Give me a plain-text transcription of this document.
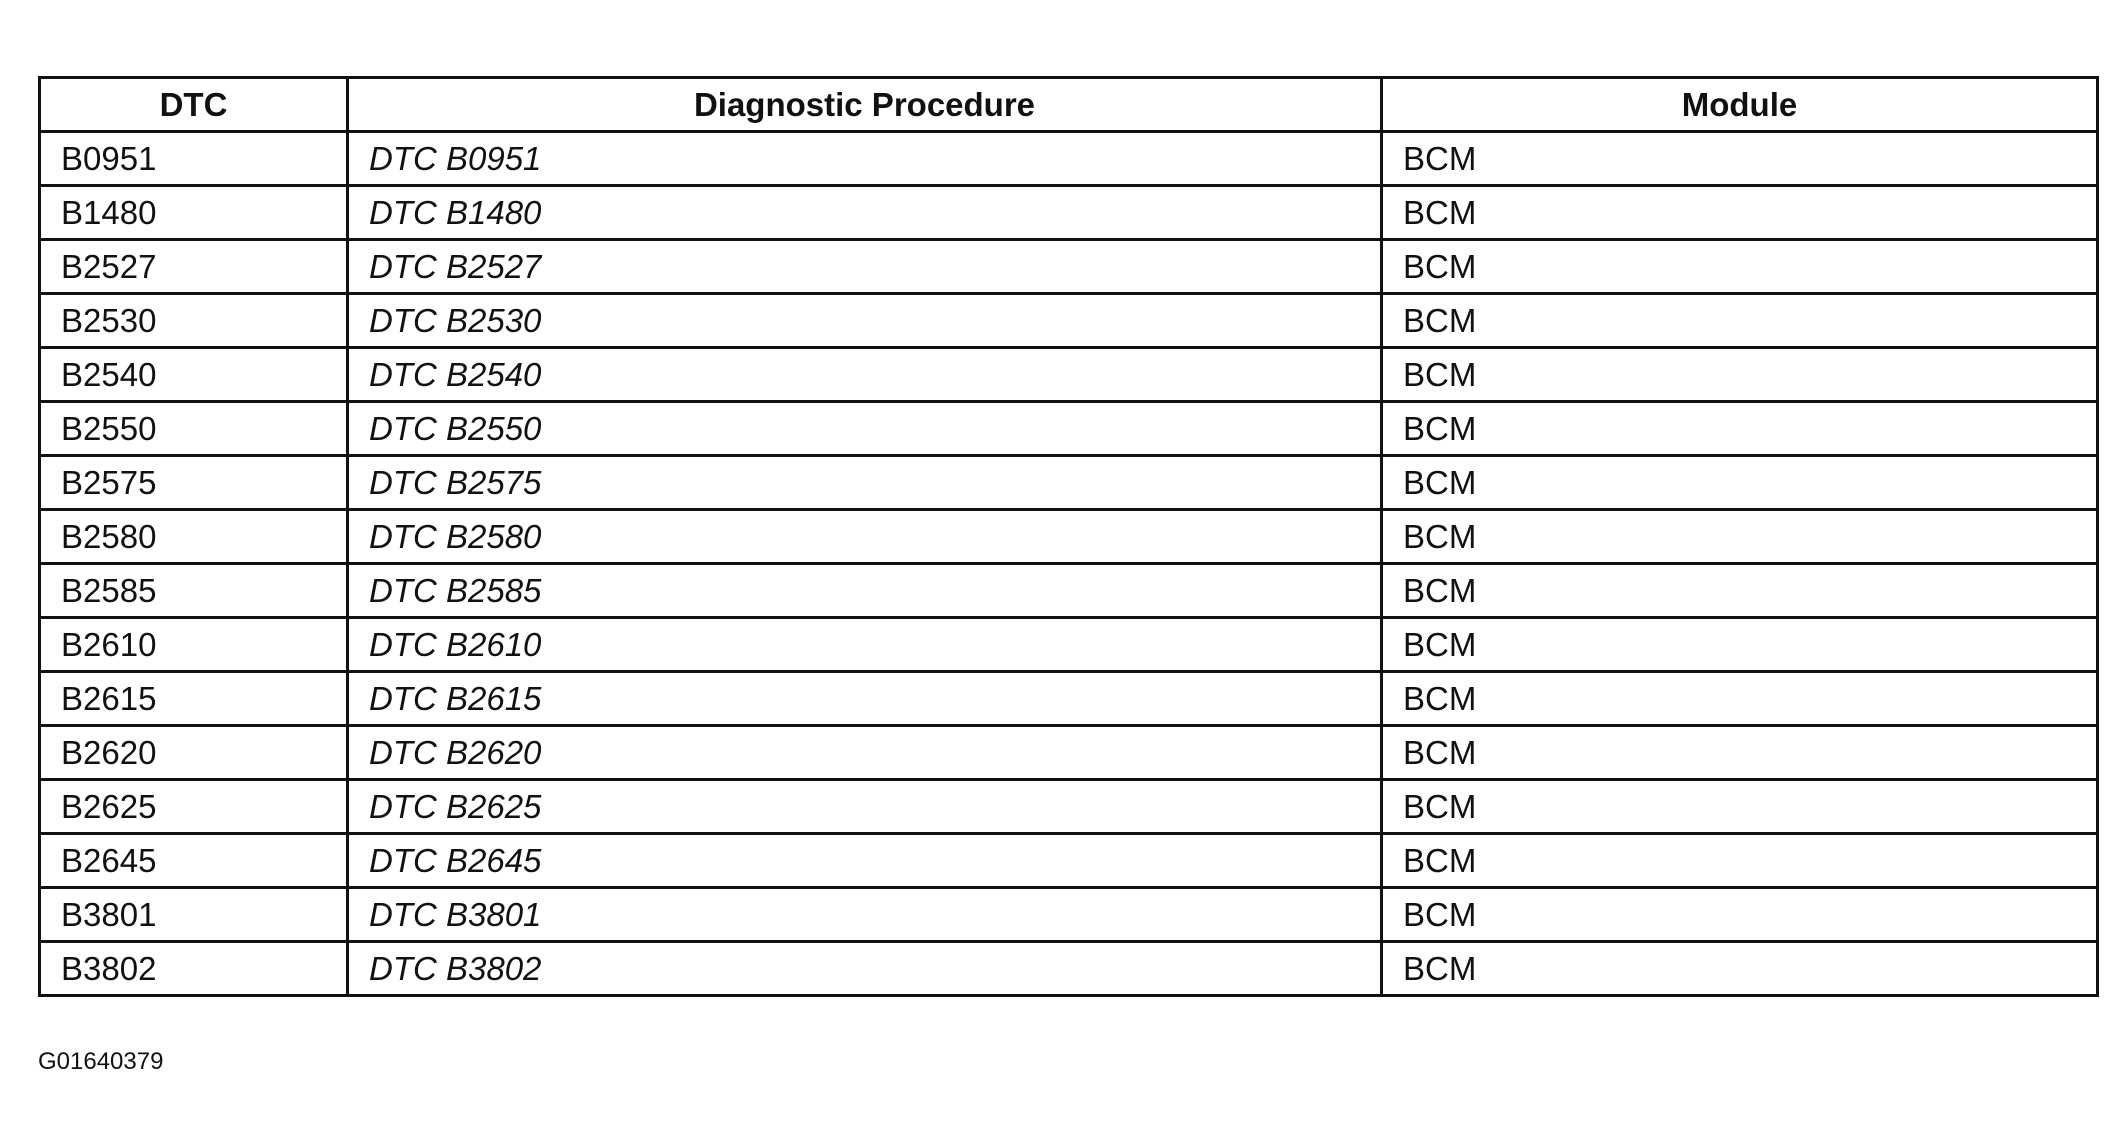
DTC	Diagnostic Procedure	Module
B0951	DTC B0951	BCM
B1480	DTC B1480	BCM
B2527	DTC B2527	BCM
B2530	DTC B2530	BCM
B2540	DTC B2540	BCM
B2550	DTC B2550	BCM
B2575	DTC B2575	BCM
B2580	DTC B2580	BCM
B2585	DTC B2585	BCM
B2610	DTC B2610	BCM
B2615	DTC B2615	BCM
B2620	DTC B2620	BCM
B2625	DTC B2625	BCM
B2645	DTC B2645	BCM
B3801	DTC B3801	BCM
B3802	DTC B3802	BCM
G01640379
